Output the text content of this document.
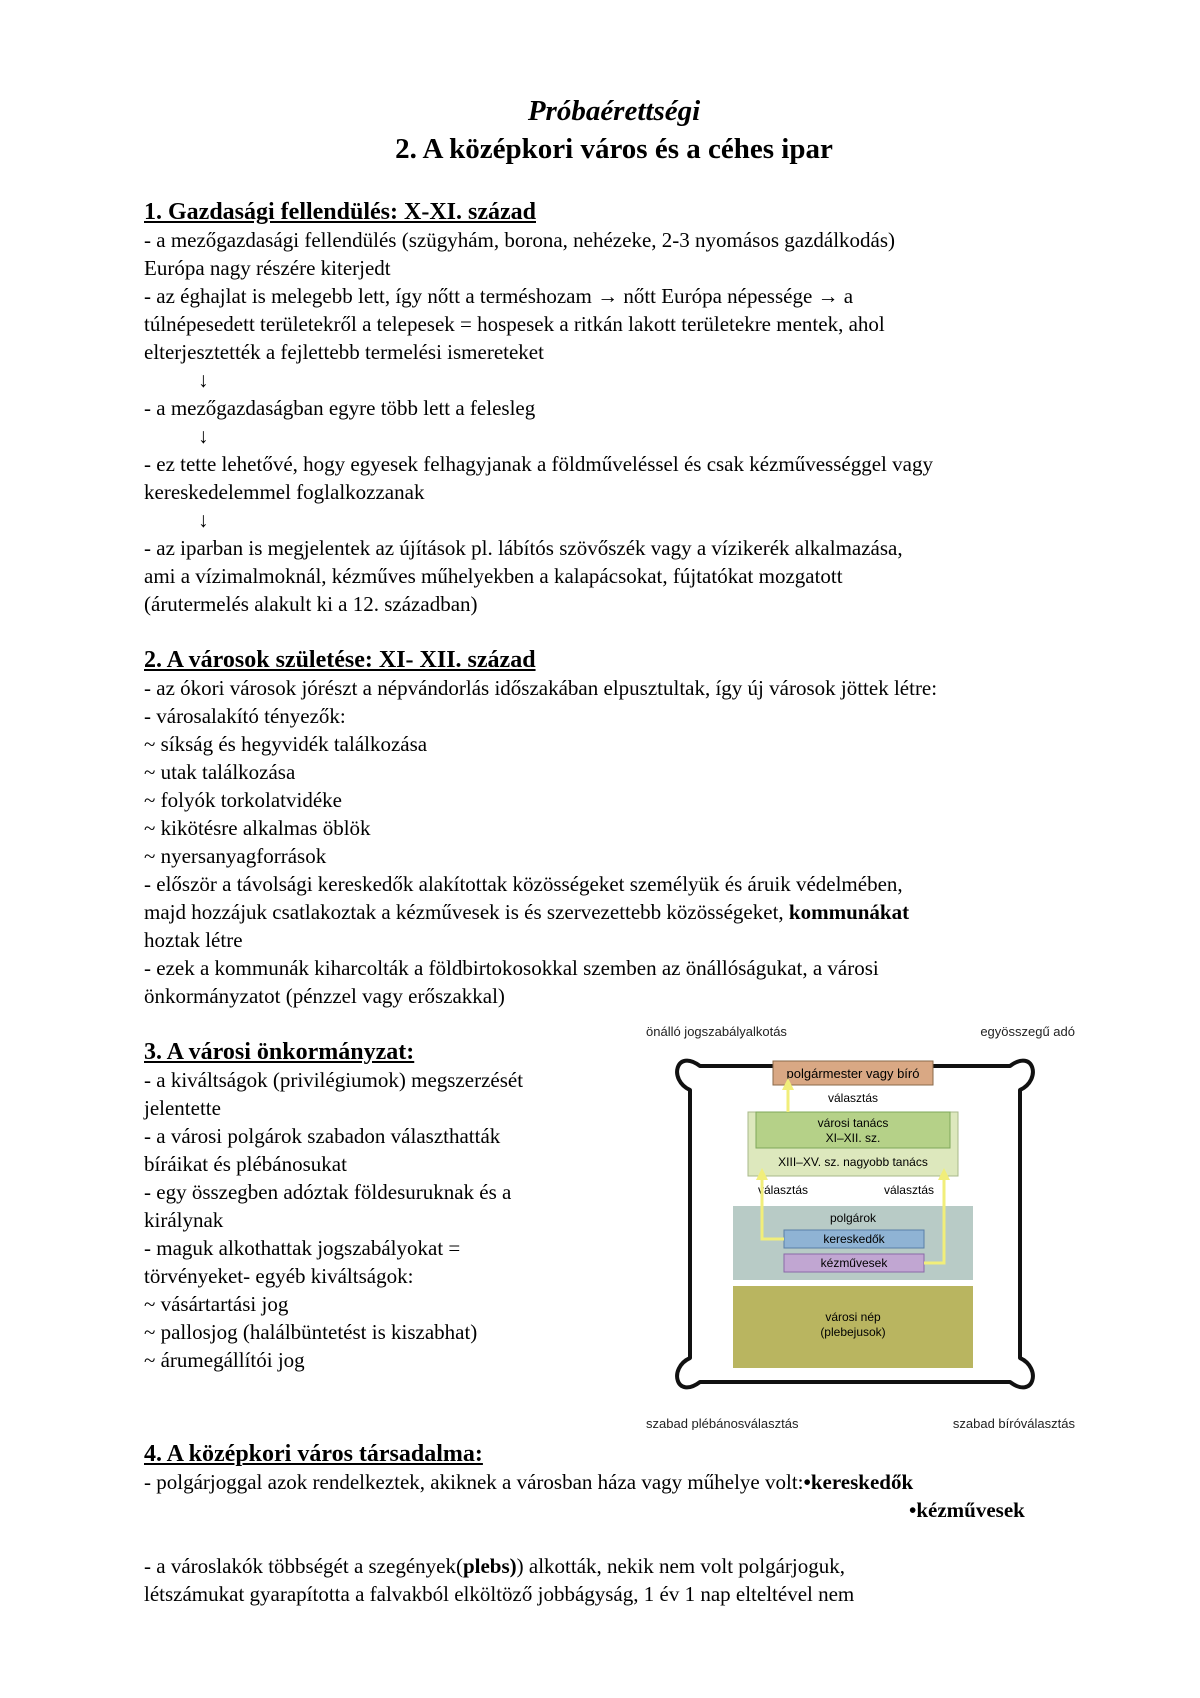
Próbaérettségi
2. A középkori város és a céhes ipar
1. Gazdasági fellendülés: X-XI. század
- a mezőgazdasági fellendülés (szügyhám, borona, nehézeke, 2-3 nyomásos gazdálkodás)
Európa nagy részére kiterjedt
- az éghajlat is melegebb lett, így nőtt a terméshozam → nőtt Európa népessége → a
túlnépesedett területekről a telepesek = hospesek a ritkán lakott területekre mentek, ahol
elterjesztették a fejlettebb termelési ismereteket
↓
- a mezőgazdaságban egyre több lett a felesleg
↓
- ez tette lehetővé, hogy egyesek felhagyjanak a földműveléssel és csak kézművességgel vagy
kereskedelemmel foglalkozzanak
↓
- az iparban is megjelentek az újítások pl. lábítós szövőszék vagy a vízikerék alkalmazása,
ami a vízimalmoknál, kézműves műhelyekben a kalapácsokat, fújtatókat mozgatott
(árutermelés alakult ki a 12. században)
2. A városok születése: XI- XII. század
- az ókori városok jórészt a népvándorlás időszakában elpusztultak, így új városok jöttek létre:
- városalakító tényezők:
~ síkság és hegyvidék találkozása
~ utak találkozása
~ folyók torkolatvidéke
~ kikötésre alkalmas öblök
~ nyersanyagforrások
- először a távolsági kereskedők alakítottak közösségeket személyük és áruik védelmében,
majd hozzájuk csatlakoztak a kézművesek is és szervezettebb közösségeket, kommunákat
hoztak létre
- ezek a kommunák kiharcolták a földbirtokosokkal szemben az önállóságukat, a városi
önkormányzatot (pénzzel vagy erőszakkal)
3. A városi önkormányzat:
- a kiváltságok (privilégiumok) megszerzését
jelentette
- a városi polgárok szabadon választhatták
bíráikat és plébánosukat
- egy összegben adóztak földesuruknak és a
királynak
- maguk alkothattak jogszabályokat =
törvényeket- egyéb kiváltságok:
~ vásártartási jog
~ pallosjog (halálbüntetést is kiszabhat)
~ árumegállítói jog
önálló jogszabályalkotás	egyösszegű adó
szabad plébánosválasztás	szabad bíróválasztás
polgármester vagy bíró
választás
városi tanács
XI–XII. sz.
XIII–XV. sz. nagyobb tanács
választás	választás
polgárok
kereskedők
kézművesek
városi nép
(plebejusok)
4. A középkori város társadalma:
- polgárjoggal azok rendelkeztek, akiknek a városban háza vagy műhelye volt:•kereskedők
•kézművesek
- a városlakók többségét a szegények(plebs)) alkották, nekik nem volt polgárjoguk,
létszámukat gyarapította a falvakból elköltöző jobbágyság, 1 év 1 nap elteltével nem
